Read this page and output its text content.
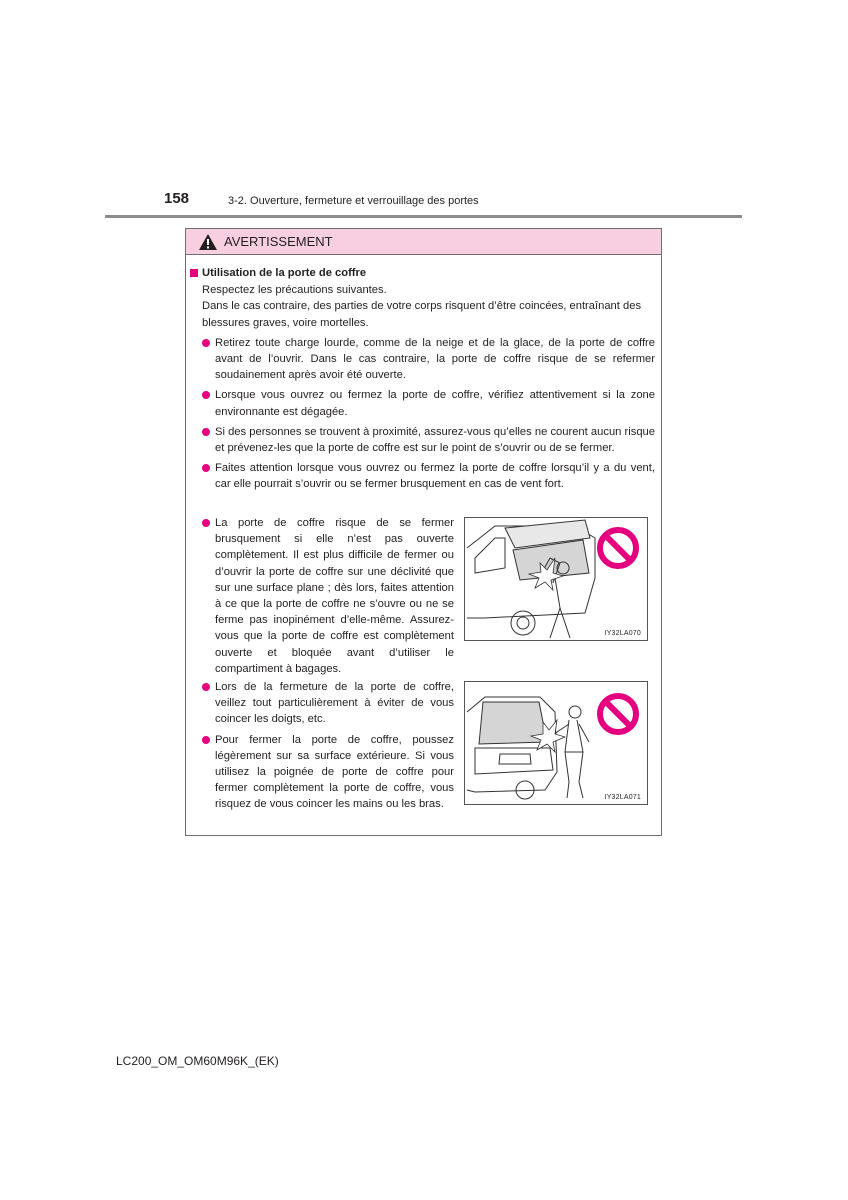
158	3-2. Ouverture, fermeture et verrouillage des portes
AVERTISSEMENT
Utilisation de la porte de coffre

Respectez les précautions suivantes.

Dans le cas contraire, des parties de votre corps risquent d’être coincées, entraînant des blessures graves, voire mortelles.

Retirez toute charge lourde, comme de la neige et de la glace, de la porte de coffre avant de l’ouvrir. Dans le cas contraire, la porte de coffre risque de se refermer soudainement après avoir été ouverte.
Lorsque vous ouvrez ou fermez la porte de coffre, vérifiez attentivement si la zone environnante est dégagée.
Si des personnes se trouvent à proximité, assurez-vous qu’elles ne courent aucun risque et prévenez-les que la porte de coffre est sur le point de s’ouvrir ou de se fermer.
Faites attention lorsque vous ouvrez ou fermez la porte de coffre lorsqu’il y a du vent, car elle pourrait s’ouvrir ou se fermer brusquement en cas de vent fort.
La porte de coffre risque de se fermer brusquement si elle n’est pas ouverte complètement. Il est plus difficile de fermer ou d’ouvrir la porte de coffre sur une déclivité que sur une surface plane ; dès lors, faites attention à ce que la porte de coffre ne s’ouvre ou ne se ferme pas inopinément d’elle-même. Assurez-vous que la porte de coffre est complètement ouverte et bloquée avant d’utiliser le compartiment à bagages.
IY32LA070
Lors de la fermeture de la porte de coffre, veillez tout particulièrement à éviter de vous coincer les doigts, etc.
Pour fermer la porte de coffre, poussez légèrement sur sa surface extérieure. Si vous utilisez la poignée de porte de coffre pour fermer complètement la porte de coffre, vous risquez de vous coincer les mains ou les bras.
IY32LA071
LC200_OM_OM60M96K_(EK)
